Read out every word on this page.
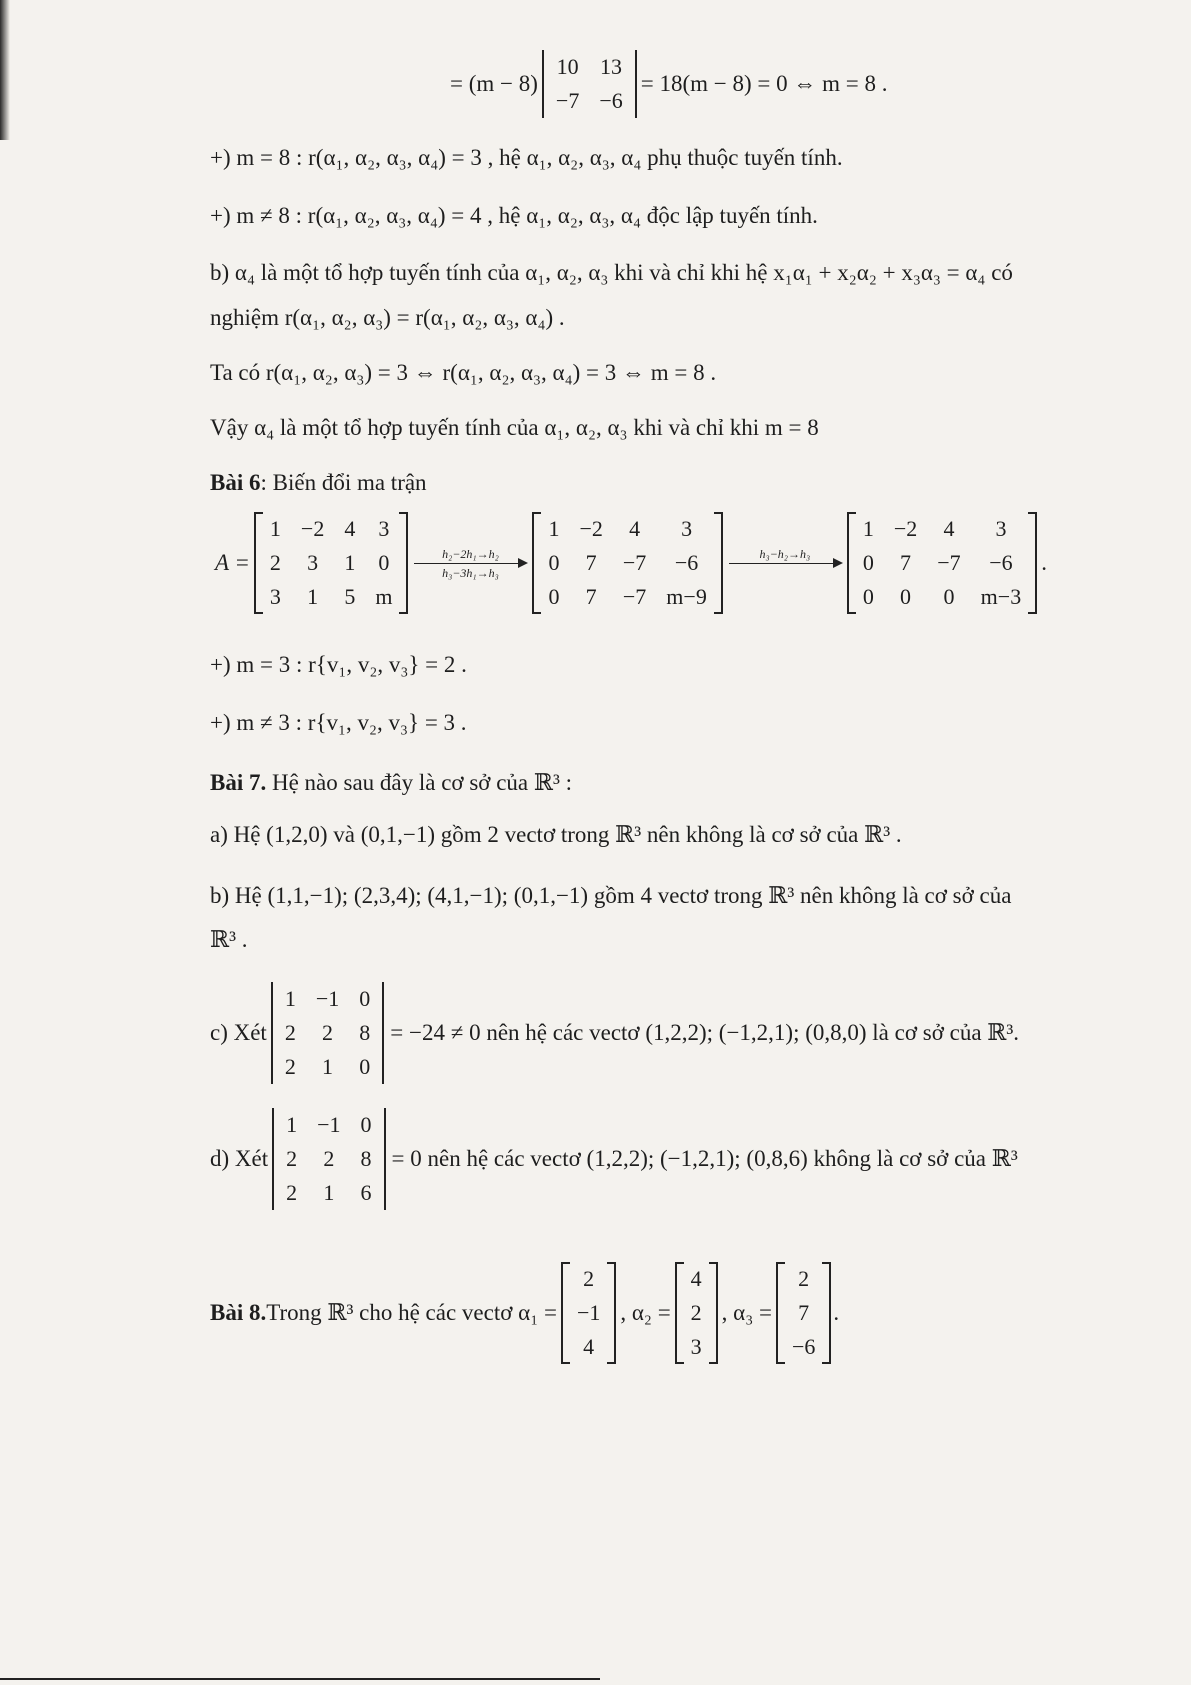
= (m − 8)
10	13
−7	−6
= 18(m − 8) = 0 ⇔ m = 8 .
+) m = 8 : r(α₁, α₂, α₃, α₄) = 3 , hệ α₁, α₂, α₃, α₄ phụ thuộc tuyến tính.
+) m ≠ 8 : r(α₁, α₂, α₃, α₄) = 4 , hệ α₁, α₂, α₃, α₄ độc lập tuyến tính.
b) α₄ là một tổ hợp tuyến tính của α₁, α₂, α₃ khi và chỉ khi hệ x₁α₁ + x₂α₂ + x₃α₃ = α₄ có
nghiệm r(α₁, α₂, α₃) = r(α₁, α₂, α₃, α₄) .
Ta có r(α₁, α₂, α₃) = 3 ⇔ r(α₁, α₂, α₃, α₄) = 3 ⇔ m = 8 .
Vậy α₄ là một tổ hợp tuyến tính của α₁, α₂, α₃ khi và chỉ khi m = 8
Bài 6: Biến đổi ma trận
A =
1	−2	4	3
2	3	1	0
3	1	5	m
h₂−2h₁→h₂
h₃−3h₁→h₃
1	−2	4	3
0	7	−7	−6
0	7	−7	m−9
h₃−h₂→h₃

1	−2	4	3
0	7	−7	−6
0	0	0	m−3
.
+) m = 3 : r{v₁, v₂, v₃} = 2 .
+) m ≠ 3 : r{v₁, v₂, v₃} = 3 .
Bài 7. Hệ nào sau đây là cơ sở của ℝ³ :
a) Hệ (1,2,0) và (0,1,−1) gồm 2 vectơ trong ℝ³ nên không là cơ sở của ℝ³ .
b) Hệ (1,1,−1); (2,3,4); (4,1,−1); (0,1,−1) gồm 4 vectơ trong ℝ³ nên không là cơ sở của
ℝ³ .
c) Xét
1	−1	0
2	2	8
2	1	0
= −24 ≠ 0 nên hệ các vectơ (1,2,2); (−1,2,1); (0,8,0) là cơ sở của ℝ³.
d) Xét
1	−1	0
2	2	8
2	1	6
= 0 nên hệ các vectơ (1,2,2); (−1,2,1); (0,8,6) không là cơ sở của ℝ³
Bài 8. Trong ℝ³ cho hệ các vectơ α₁ =
2
−1
4
, α₂ =
4
2
3
, α₃ =
2
7
−6
.
